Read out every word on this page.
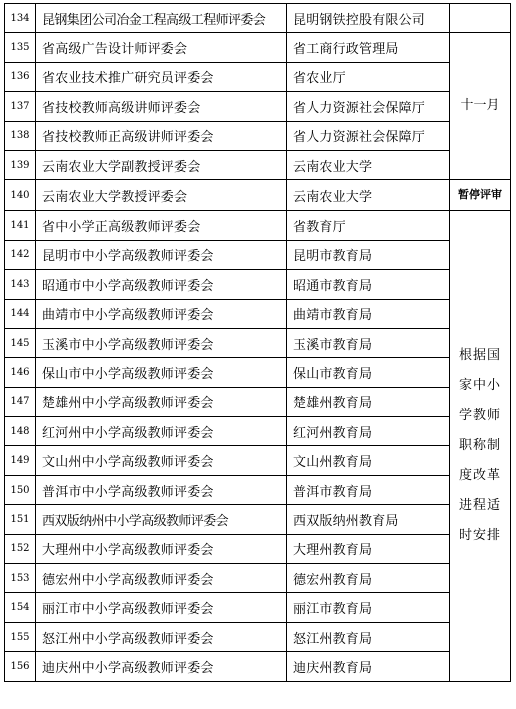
134	昆钢集团公司冶金工程高级工程师评委会	昆明钢铁控股有限公司	
135	省高级广告设计师评委会	省工商行政管理局	十一月
136	省农业技术推广研究员评委会	省农业厅	
137	省技校教师高级讲师评委会	省人力资源社会保障厅	
138	省技校教师正高级讲师评委会	省人力资源社会保障厅	
139	云南农业大学副教授评委会	云南农业大学	
140	云南农业大学教授评委会	云南农业大学	暂停评审
141	省中小学正高级教师评委会	省教育厅	根据国家中小学教师职称制度改革进程适时安排
142	昆明市中小学高级教师评委会	昆明市教育局	
143	昭通市中小学高级教师评委会	昭通市教育局	
144	曲靖市中小学高级教师评委会	曲靖市教育局	
145	玉溪市中小学高级教师评委会	玉溪市教育局	
146	保山市中小学高级教师评委会	保山市教育局	
147	楚雄州中小学高级教师评委会	楚雄州教育局	
148	红河州中小学高级教师评委会	红河州教育局	
149	文山州中小学高级教师评委会	文山州教育局	
150	普洱市中小学高级教师评委会	普洱市教育局	
151	西双版纳州中小学高级教师评委会	西双版纳州教育局	
152	大理州中小学高级教师评委会	大理州教育局	
153	德宏州中小学高级教师评委会	德宏州教育局	
154	丽江市中小学高级教师评委会	丽江市教育局	
155	怒江州中小学高级教师评委会	怒江州教育局	
156	迪庆州中小学高级教师评委会	迪庆州教育局	
